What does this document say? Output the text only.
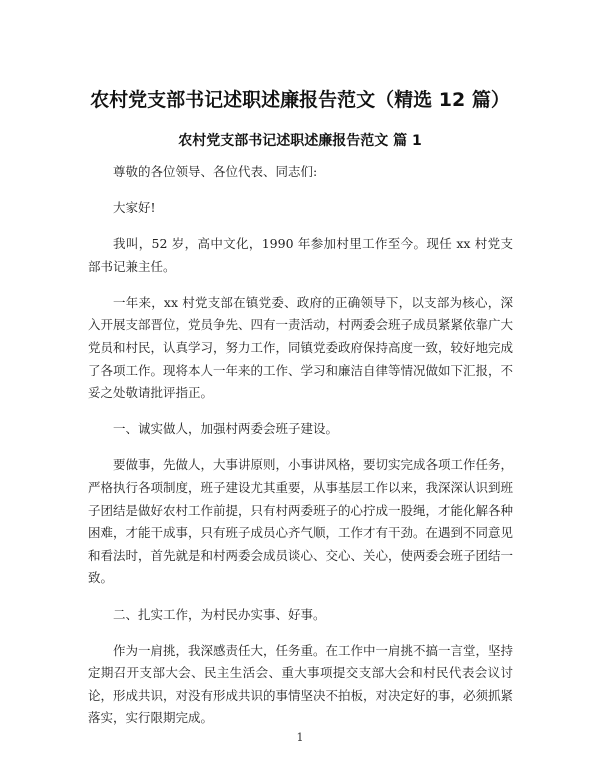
农村党支部书记述职述廉报告范文（精选 12 篇）
农村党支部书记述职述廉报告范文 篇 1

尊敬的各位领导、各位代表、同志们:

大家好!

我叫，52 岁，高中文化，1990 年参加村里工作至今。现任 xx 村党支部书记兼主任。

一年来，xx 村党支部在镇党委、政府的正确领导下，以支部为核心，深入开展支部晋位，党员争先、四有一责活动，村两委会班子成员紧紧依靠广大党员和村民，认真学习，努力工作，同镇党委政府保持高度一致，较好地完成了各项工作。现将本人一年来的工作、学习和廉洁自律等情况做如下汇报，不妥之处敬请批评指正。

一、诚实做人，加强村两委会班子建设。

要做事，先做人，大事讲原则，小事讲风格，要切实完成各项工作任务，严格执行各项制度，班子建设尤其重要，从事基层工作以来，我深深认识到班子团结是做好农村工作前提，只有村两委班子的心拧成一股绳，才能化解各种困难，才能干成事，只有班子成员心齐气顺，工作才有干劲。在遇到不同意见和看法时，首先就是和村两委会成员谈心、交心、关心，使两委会班子团结一致。

二、扎实工作，为村民办实事、好事。

作为一肩挑，我深感责任大，任务重。在工作中一肩挑不搞一言堂，坚持定期召开支部大会、民主生活会、重大事项提交支部大会和村民代表会议讨论，形成共识，对没有形成共识的事情坚决不拍板，对决定好的事，必须抓紧落实，实行限期完成。

1
